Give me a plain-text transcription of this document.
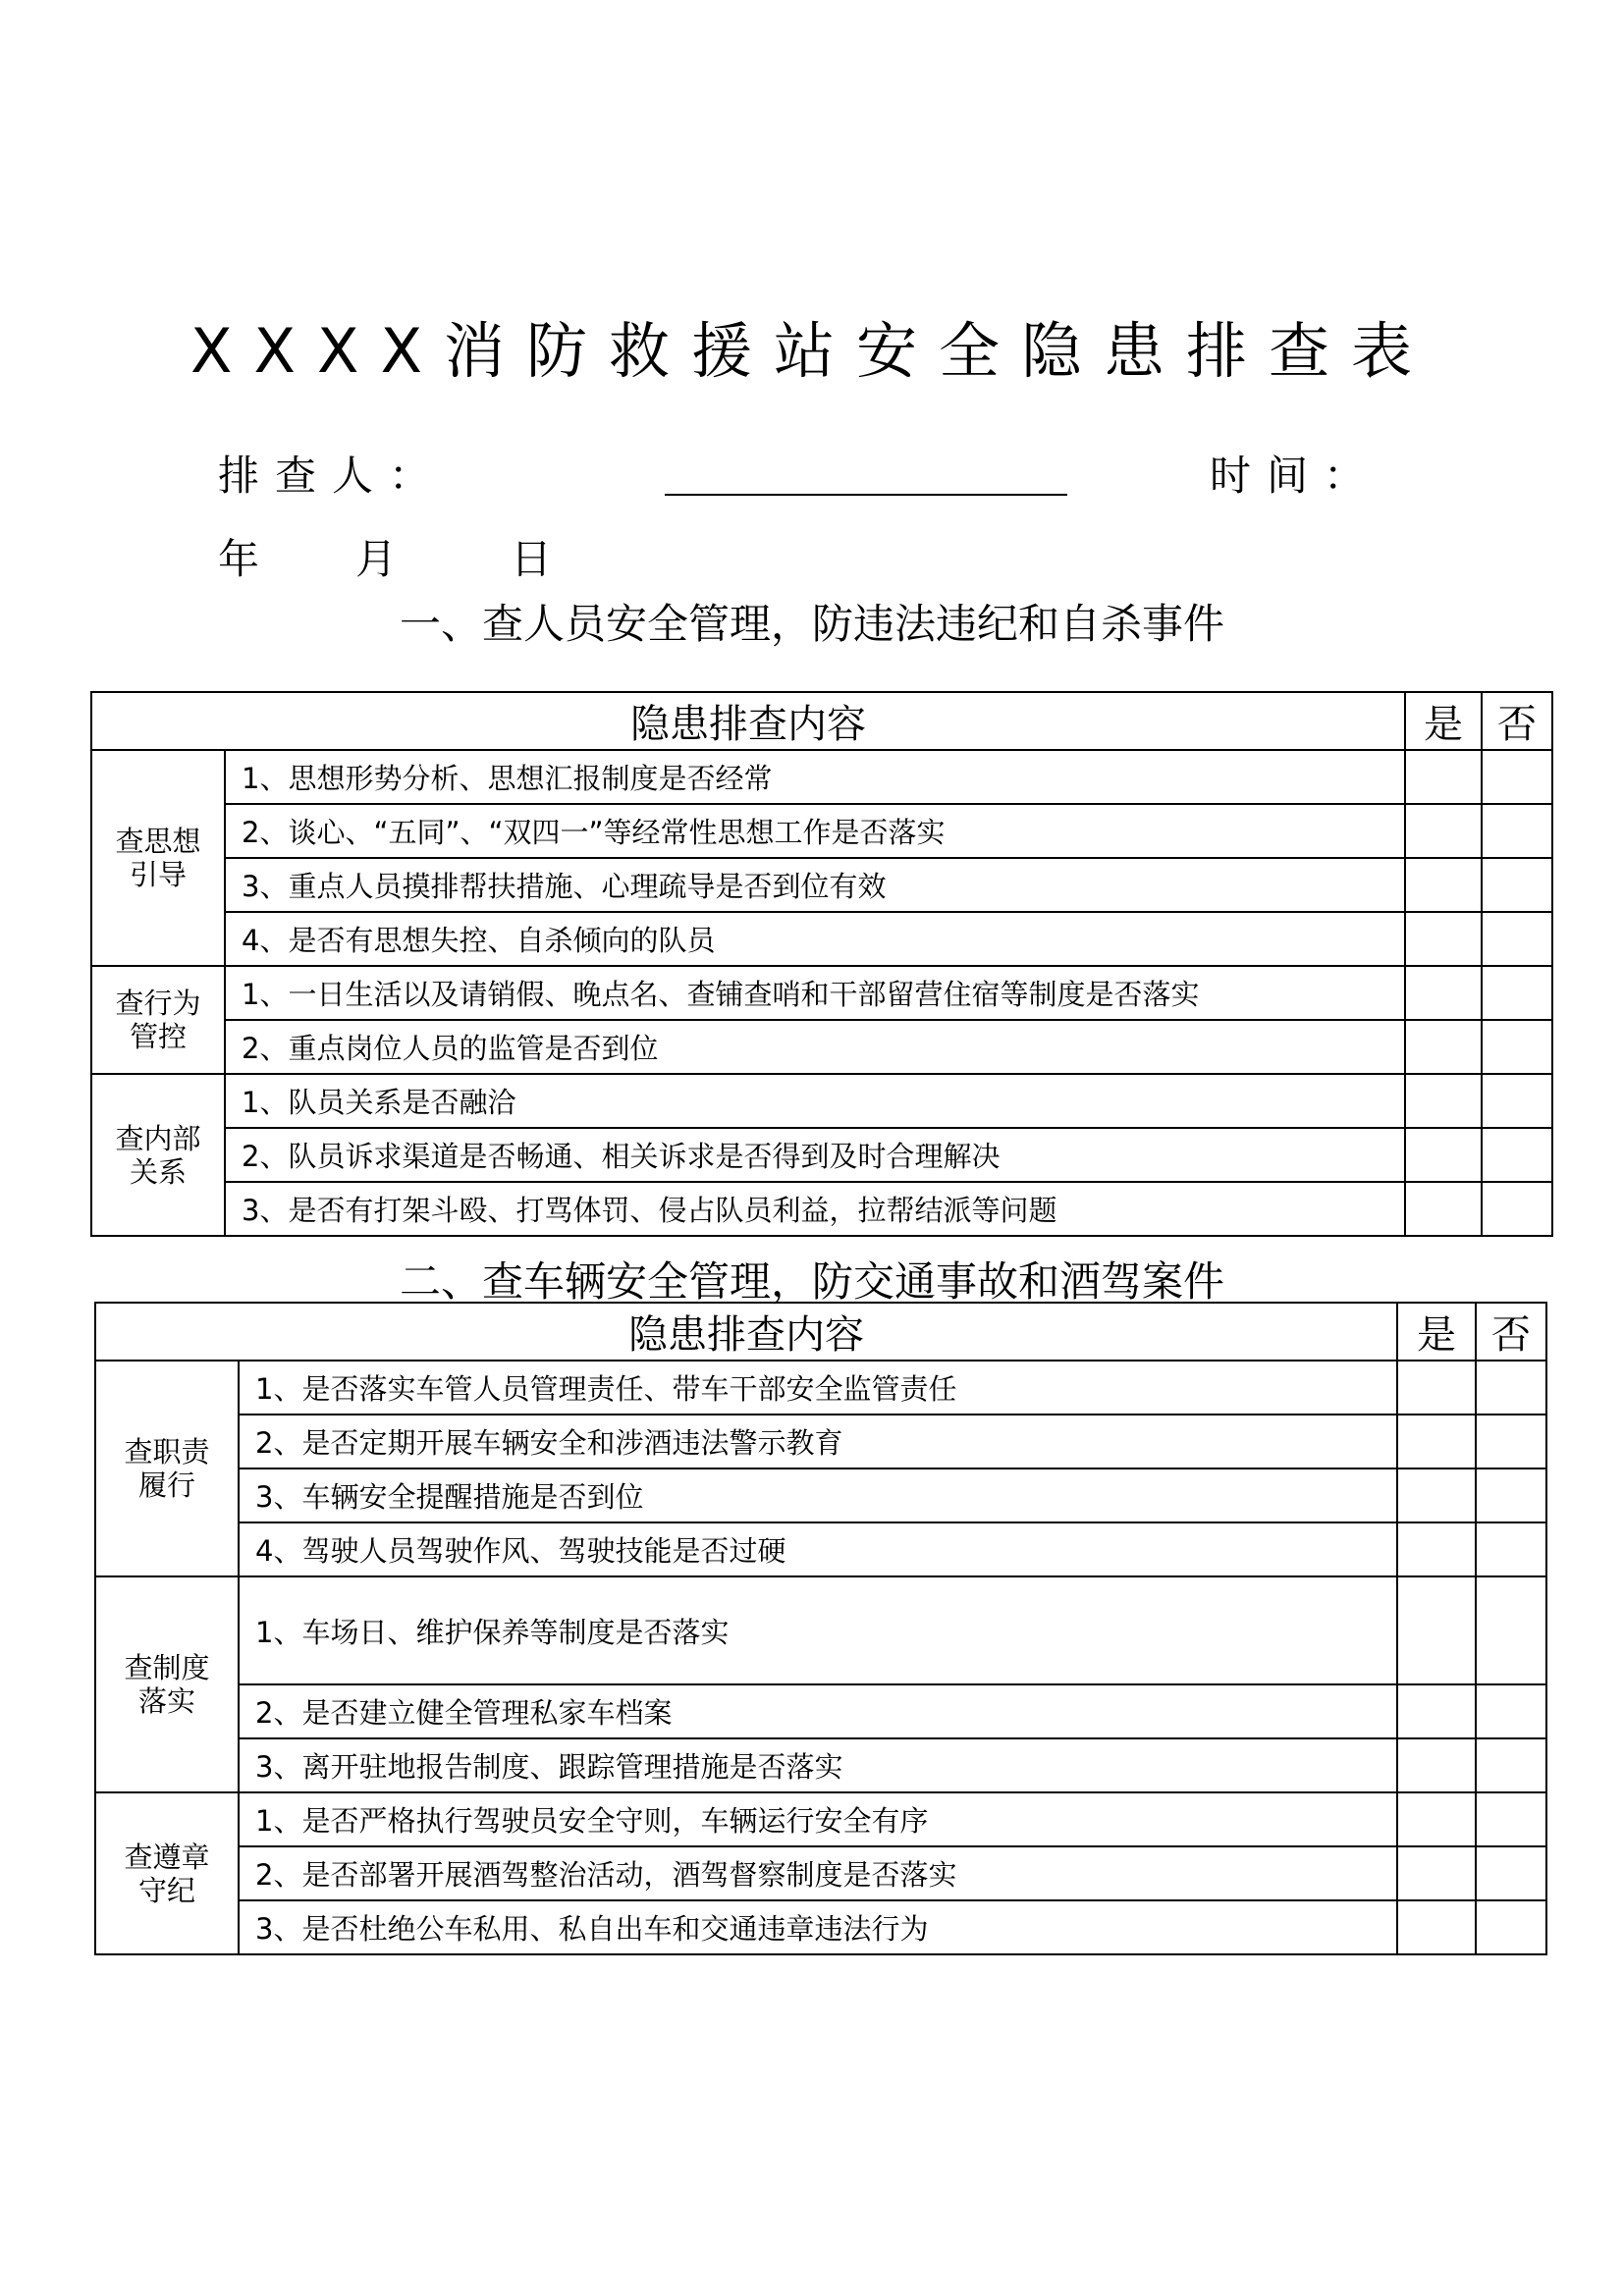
XXXX消防救援站安全隐患排查表
排查人：	时间：
年 月	日
一、查人员安全管理，防违法违纪和自杀事件
隐患排查内容		是	否
查思想引导	1、思想形势分析、思想汇报制度是否经常		
	2、谈心、“五同”、“双四一”等经常性思想工作是否落实		
	3、重点人员摸排帮扶措施、心理疏导是否到位有效		
	4、是否有思想失控、自杀倾向的队员		
查行为管控	1、一日生活以及请销假、晚点名、查铺查哨和干部留营住宿等制度是否落实		
	2、重点岗位人员的监管是否到位		
查内部关系	1、队员关系是否融洽		
	2、队员诉求渠道是否畅通、相关诉求是否得到及时合理解决		
	3、是否有打架斗殴、打骂体罚、侵占队员利益，拉帮结派等问题		
二、查车辆安全管理，防交通事故和酒驾案件
隐患排查内容		是	否
查职责履行	1、是否落实车管人员管理责任、带车干部安全监管责任		
	2、是否定期开展车辆安全和涉酒违法警示教育		
	3、车辆安全提醒措施是否到位		
	4、驾驶人员驾驶作风、驾驶技能是否过硬		
查制度落实	1、车场日、维护保养等制度是否落实		
	2、是否建立健全管理私家车档案		
	3、离开驻地报告制度、跟踪管理措施是否落实		
查遵章守纪	1、是否严格执行驾驶员安全守则，车辆运行安全有序		
	2、是否部署开展酒驾整治活动，酒驾督察制度是否落实		
	3、是否杜绝公车私用、私自出车和交通违章违法行为		
